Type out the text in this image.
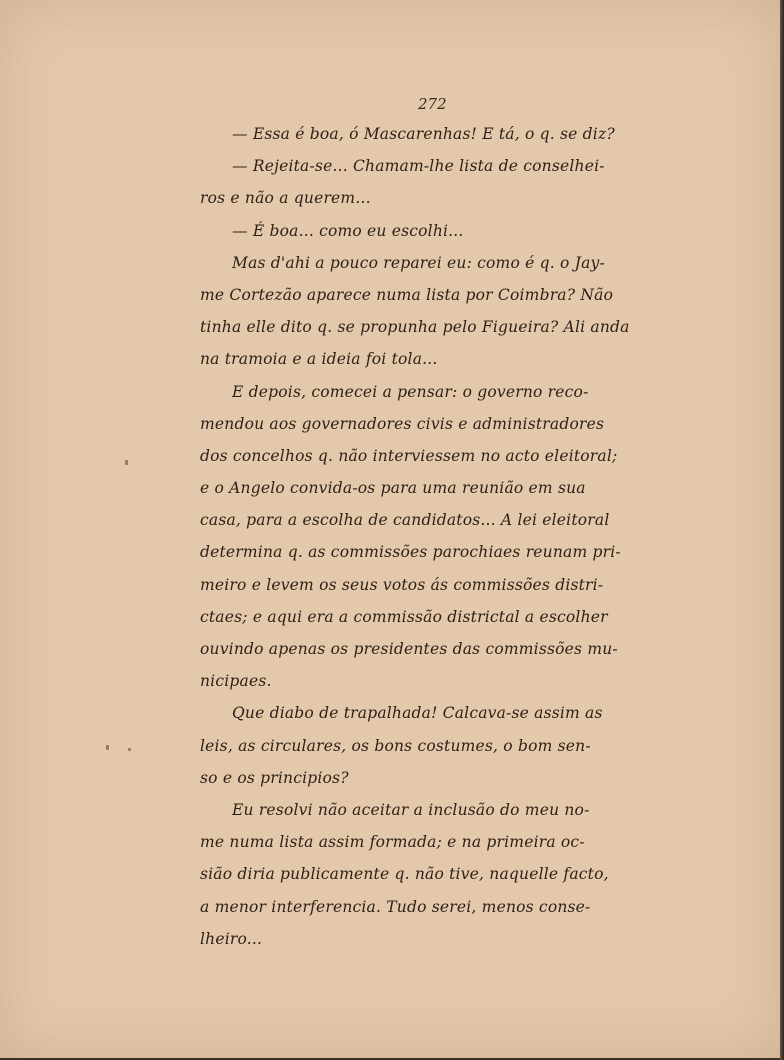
272
— Essa é boa, ó Mascarenhas! E tá, o q. se diz?
— Rejeita-se... Chamam-lhe lista de conselhei-
ros e não a querem...
— É boa... como eu escolhi...
Mas d'ahi a pouco reparei eu: como é q. o Jay-
me Cortezão aparece numa lista por Coimbra? Não
tinha elle dito q. se propunha pelo Figueira? Ali anda
na tramoia e a ideia foi tola...
E depois, comecei a pensar: o governo reco-
mendou aos governadores civis e administradores
dos concelhos q. não interviessem no acto eleitoral;
e o Angelo convida-os para uma reunião em sua
casa, para a escolha de candidatos... A lei eleitoral
determina q. as commissões parochiaes reunam pri-
meiro e levem os seus votos ás commissões distri-
ctaes; e aqui era a commissão districtal a escolher
ouvindo apenas os presidentes das commissões mu-
nicipaes.
Que diabo de trapalhada! Calcava-se assim as
leis, as circulares, os bons costumes, o bom sen-
so e os principios?
Eu resolvi não aceitar a inclusão do meu no-
me numa lista assim formada; e na primeira oc-
sião diria publicamente q. não tive, naquelle facto,
a menor interferencia. Tudo serei, menos conse-
lheiro...
